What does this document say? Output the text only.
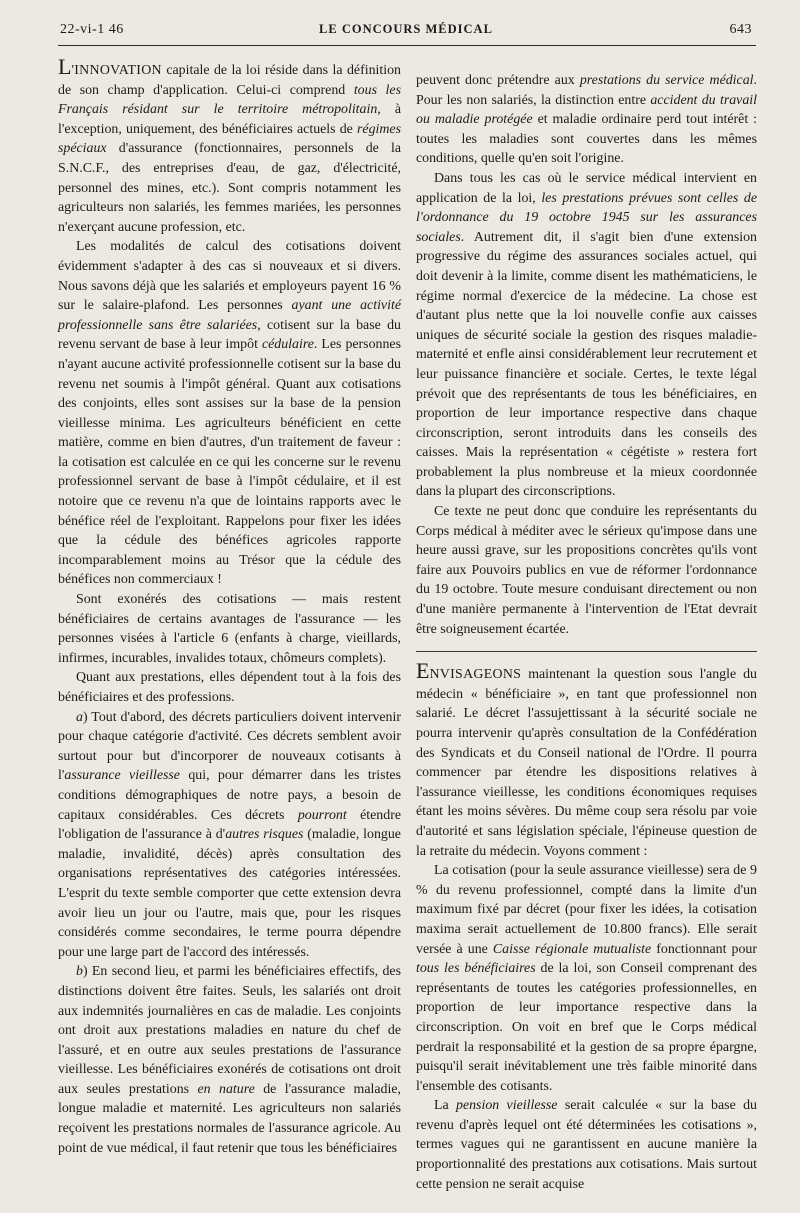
22-vi-1 46	LE CONCOURS MÉDICAL	643

L'INNOVATION capitale de la loi réside dans la définition de son champ d'application. Celui-ci comprend tous les Français résidant sur le territoire métropolitain, à l'exception, uniquement, des bénéficiaires actuels de régimes spéciaux d'assurance (fonctionnaires, personnels de la S.N.C.F., des entreprises d'eau, de gaz, d'électricité, personnel des mines, etc.). Sont compris notamment les agriculteurs non salariés, les femmes mariées, les personnes n'exerçant aucune profession, etc.

Les modalités de calcul des cotisations doivent évidemment s'adapter à des cas si nouveaux et si divers. Nous savons déjà que les salariés et employeurs payent 16 % sur le salaire-plafond. Les personnes ayant une activité professionnelle sans être salariées, cotisent sur la base du revenu servant de base à leur impôt cédulaire. Les personnes n'ayant aucune activité professionnelle cotisent sur la base du revenu net soumis à l'impôt général. Quant aux cotisations des conjoints, elles sont assises sur la base de la pension vieillesse minima. Les agriculteurs bénéficient en cette matière, comme en bien d'autres, d'un traitement de faveur : la cotisation est calculée en ce qui les concerne sur le revenu professionnel servant de base à l'impôt cédulaire, et il est notoire que ce revenu n'a que de lointains rapports avec le bénéfice réel de l'exploitant. Rappelons pour fixer les idées que la cédule des bénéfices agricoles rapporte incomparablement moins au Trésor que la cédule des bénéfices non commerciaux !

Sont exonérés des cotisations — mais restent bénéficiaires de certains avantages de l'assurance — les personnes visées à l'article 6 (enfants à charge, vieillards, infirmes, incurables, invalides totaux, chômeurs complets).

Quant aux prestations, elles dépendent tout à la fois des bénéficiaires et des professions.

a) Tout d'abord, des décrets particuliers doivent intervenir pour chaque catégorie d'activité. Ces décrets semblent avoir surtout pour but d'incorporer de nouveaux cotisants à l'assurance vieillesse qui, pour démarrer dans les tristes conditions démographiques de notre pays, a besoin de capitaux considérables. Ces décrets pourront étendre l'obligation de l'assurance à d'autres risques (maladie, longue maladie, invalidité, décès) après consultation des organisations représentatives des catégories intéressées. L'esprit du texte semble comporter que cette extension devra avoir lieu un jour ou l'autre, mais que, pour les risques considérés comme secondaires, le terme pourra dépendre pour une large part de l'accord des intéressés.

b) En second lieu, et parmi les bénéficiaires effectifs, des distinctions doivent être faites. Seuls, les salariés ont droit aux indemnités journalières en cas de maladie. Les conjoints ont droit aux prestations maladies en nature du chef de l'assuré, et en outre aux seules prestations de l'assurance vieillesse. Les bénéficiaires exonérés de cotisations ont droit aux seules prestations en nature de l'assurance maladie, longue maladie et maternité. Les agriculteurs non salariés reçoivent les prestations normales de l'assurance agricole. Au point de vue médical, il faut retenir que tous les bénéficiaires

peuvent donc prétendre aux prestations du service médical. Pour les non salariés, la distinction entre accident du travail ou maladie protégée et maladie ordinaire perd tout intérêt : toutes les maladies sont couvertes dans les mêmes conditions, quelle qu'en soit l'origine.

Dans tous les cas où le service médical intervient en application de la loi, les prestations prévues sont celles de l'ordonnance du 19 octobre 1945 sur les assurances sociales. Autrement dit, il s'agit bien d'une extension progressive du régime des assurances sociales actuel, qui doit devenir à la limite, comme disent les mathématiciens, le régime normal d'exercice de la médecine. La chose est d'autant plus nette que la loi nouvelle confie aux caisses uniques de sécurité sociale la gestion des risques maladie-maternité et enfle ainsi considérablement leur recrutement et leur puissance financière et sociale. Certes, le texte légal prévoit que des représentants de tous les bénéficiaires, en proportion de leur importance respective dans chaque circonscription, seront introduits dans les conseils des caisses. Mais la représentation « cégétiste » restera fort probablement la plus nombreuse et la mieux coordonnée dans la plupart des circonscriptions.

Ce texte ne peut donc que conduire les représentants du Corps médical à méditer avec le sérieux qu'impose dans une heure aussi grave, sur les propositions concrètes qu'ils vont faire aux Pouvoirs publics en vue de réformer l'ordonnance du 19 octobre. Toute mesure conduisant directement ou non d'une manière permanente à l'intervention de l'Etat devrait être soigneusement écartée.

ENVISAGEONS maintenant la question sous l'angle du médecin « bénéficiaire », en tant que professionnel non salarié. Le décret l'assujettissant à la sécurité sociale ne pourra intervenir qu'après consultation de la Confédération des Syndicats et du Conseil national de l'Ordre. Il pourra commencer par étendre les dispositions relatives à l'assurance vieillesse, les conditions économiques requises étant les moins sévères. Du même coup sera résolu par voie d'autorité et sans législation spéciale, l'épineuse question de la retraite du médecin. Voyons comment :

La cotisation (pour la seule assurance vieillesse) sera de 9 % du revenu professionnel, compté dans la limite d'un maximum fixé par décret (pour fixer les idées, la cotisation maxima serait actuellement de 10.800 francs). Elle serait versée à une Caisse régionale mutualiste fonctionnant pour tous les bénéficiaires de la loi, son Conseil comprenant des représentants de toutes les catégories professionnelles, en proportion de leur importance respective dans la circonscription. On voit en bref que le Corps médical perdrait la responsabilité et la gestion de sa propre épargne, puisqu'il serait inévitablement une très faible minorité dans l'ensemble des cotisants.

La pension vieillesse serait calculée « sur la base du revenu d'après lequel ont été déterminées les cotisations », termes vagues qui ne garantissent en aucune manière la proportionnalité des prestations aux cotisations. Mais surtout cette pension ne serait acquise
